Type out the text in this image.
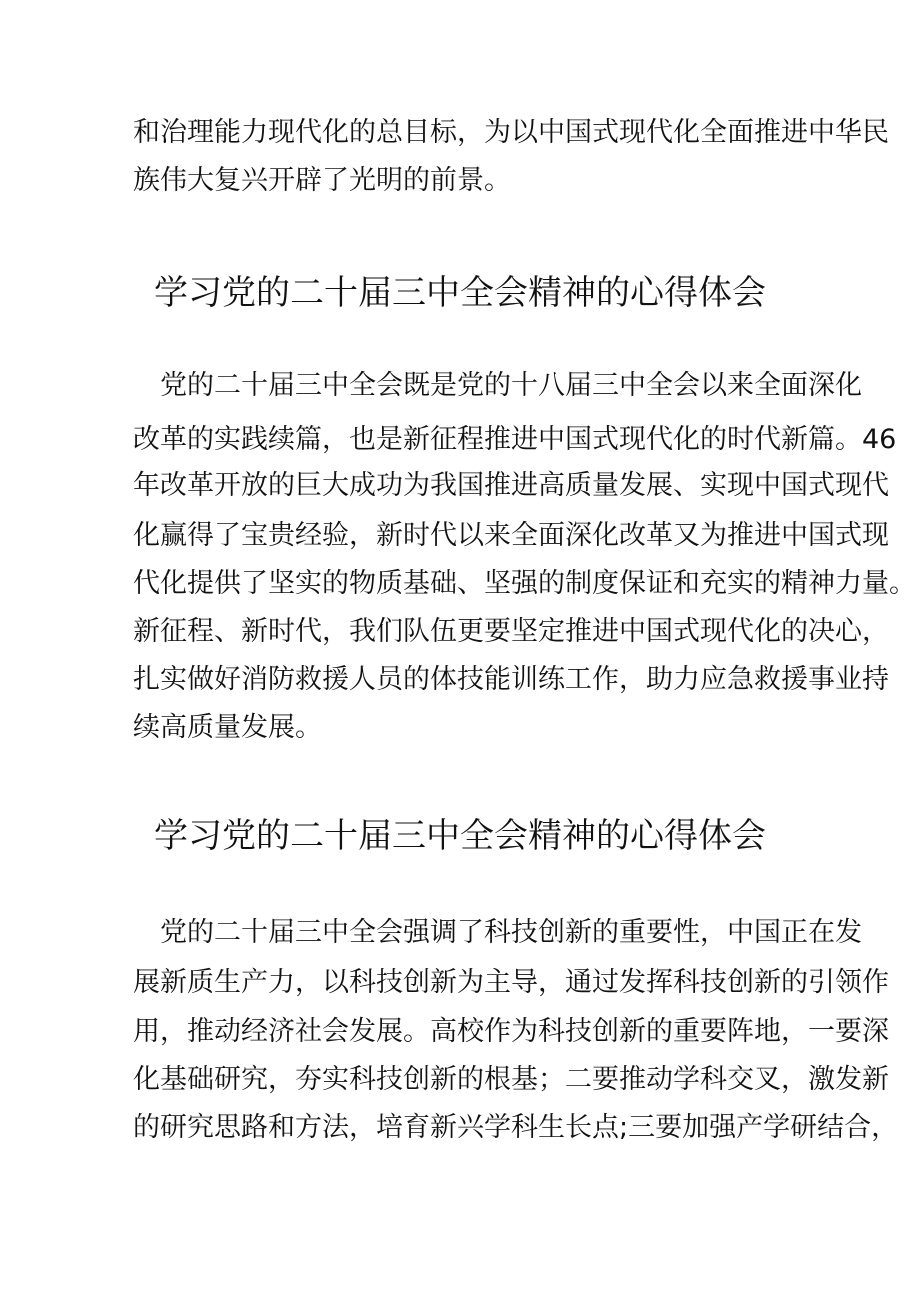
和治理能力现代化的总目标，为以中国式现代化全面推进中华民
族伟大复兴开辟了光明的前景。
学习党的二十届三中全会精神的心得体会
　党的二十届三中全会既是党的十八届三中全会以来全面深化
改革的实践续篇，也是新征程推进中国式现代化的时代新篇。46
年改革开放的巨大成功为我国推进高质量发展、实现中国式现代
化赢得了宝贵经验，新时代以来全面深化改革又为推进中国式现
代化提供了坚实的物质基础、坚强的制度保证和充实的精神力量。
新征程、新时代，我们队伍更要坚定推进中国式现代化的决心，
扎实做好消防救援人员的体技能训练工作，助力应急救援事业持
续高质量发展。
学习党的二十届三中全会精神的心得体会
　党的二十届三中全会强调了科技创新的重要性，中国正在发
展新质生产力，以科技创新为主导，通过发挥科技创新的引领作
用，推动经济社会发展。高校作为科技创新的重要阵地，一要深
化基础研究，夯实科技创新的根基；二要推动学科交叉，激发新
的研究思路和方法，培育新兴学科生长点;三要加强产学研结合，
